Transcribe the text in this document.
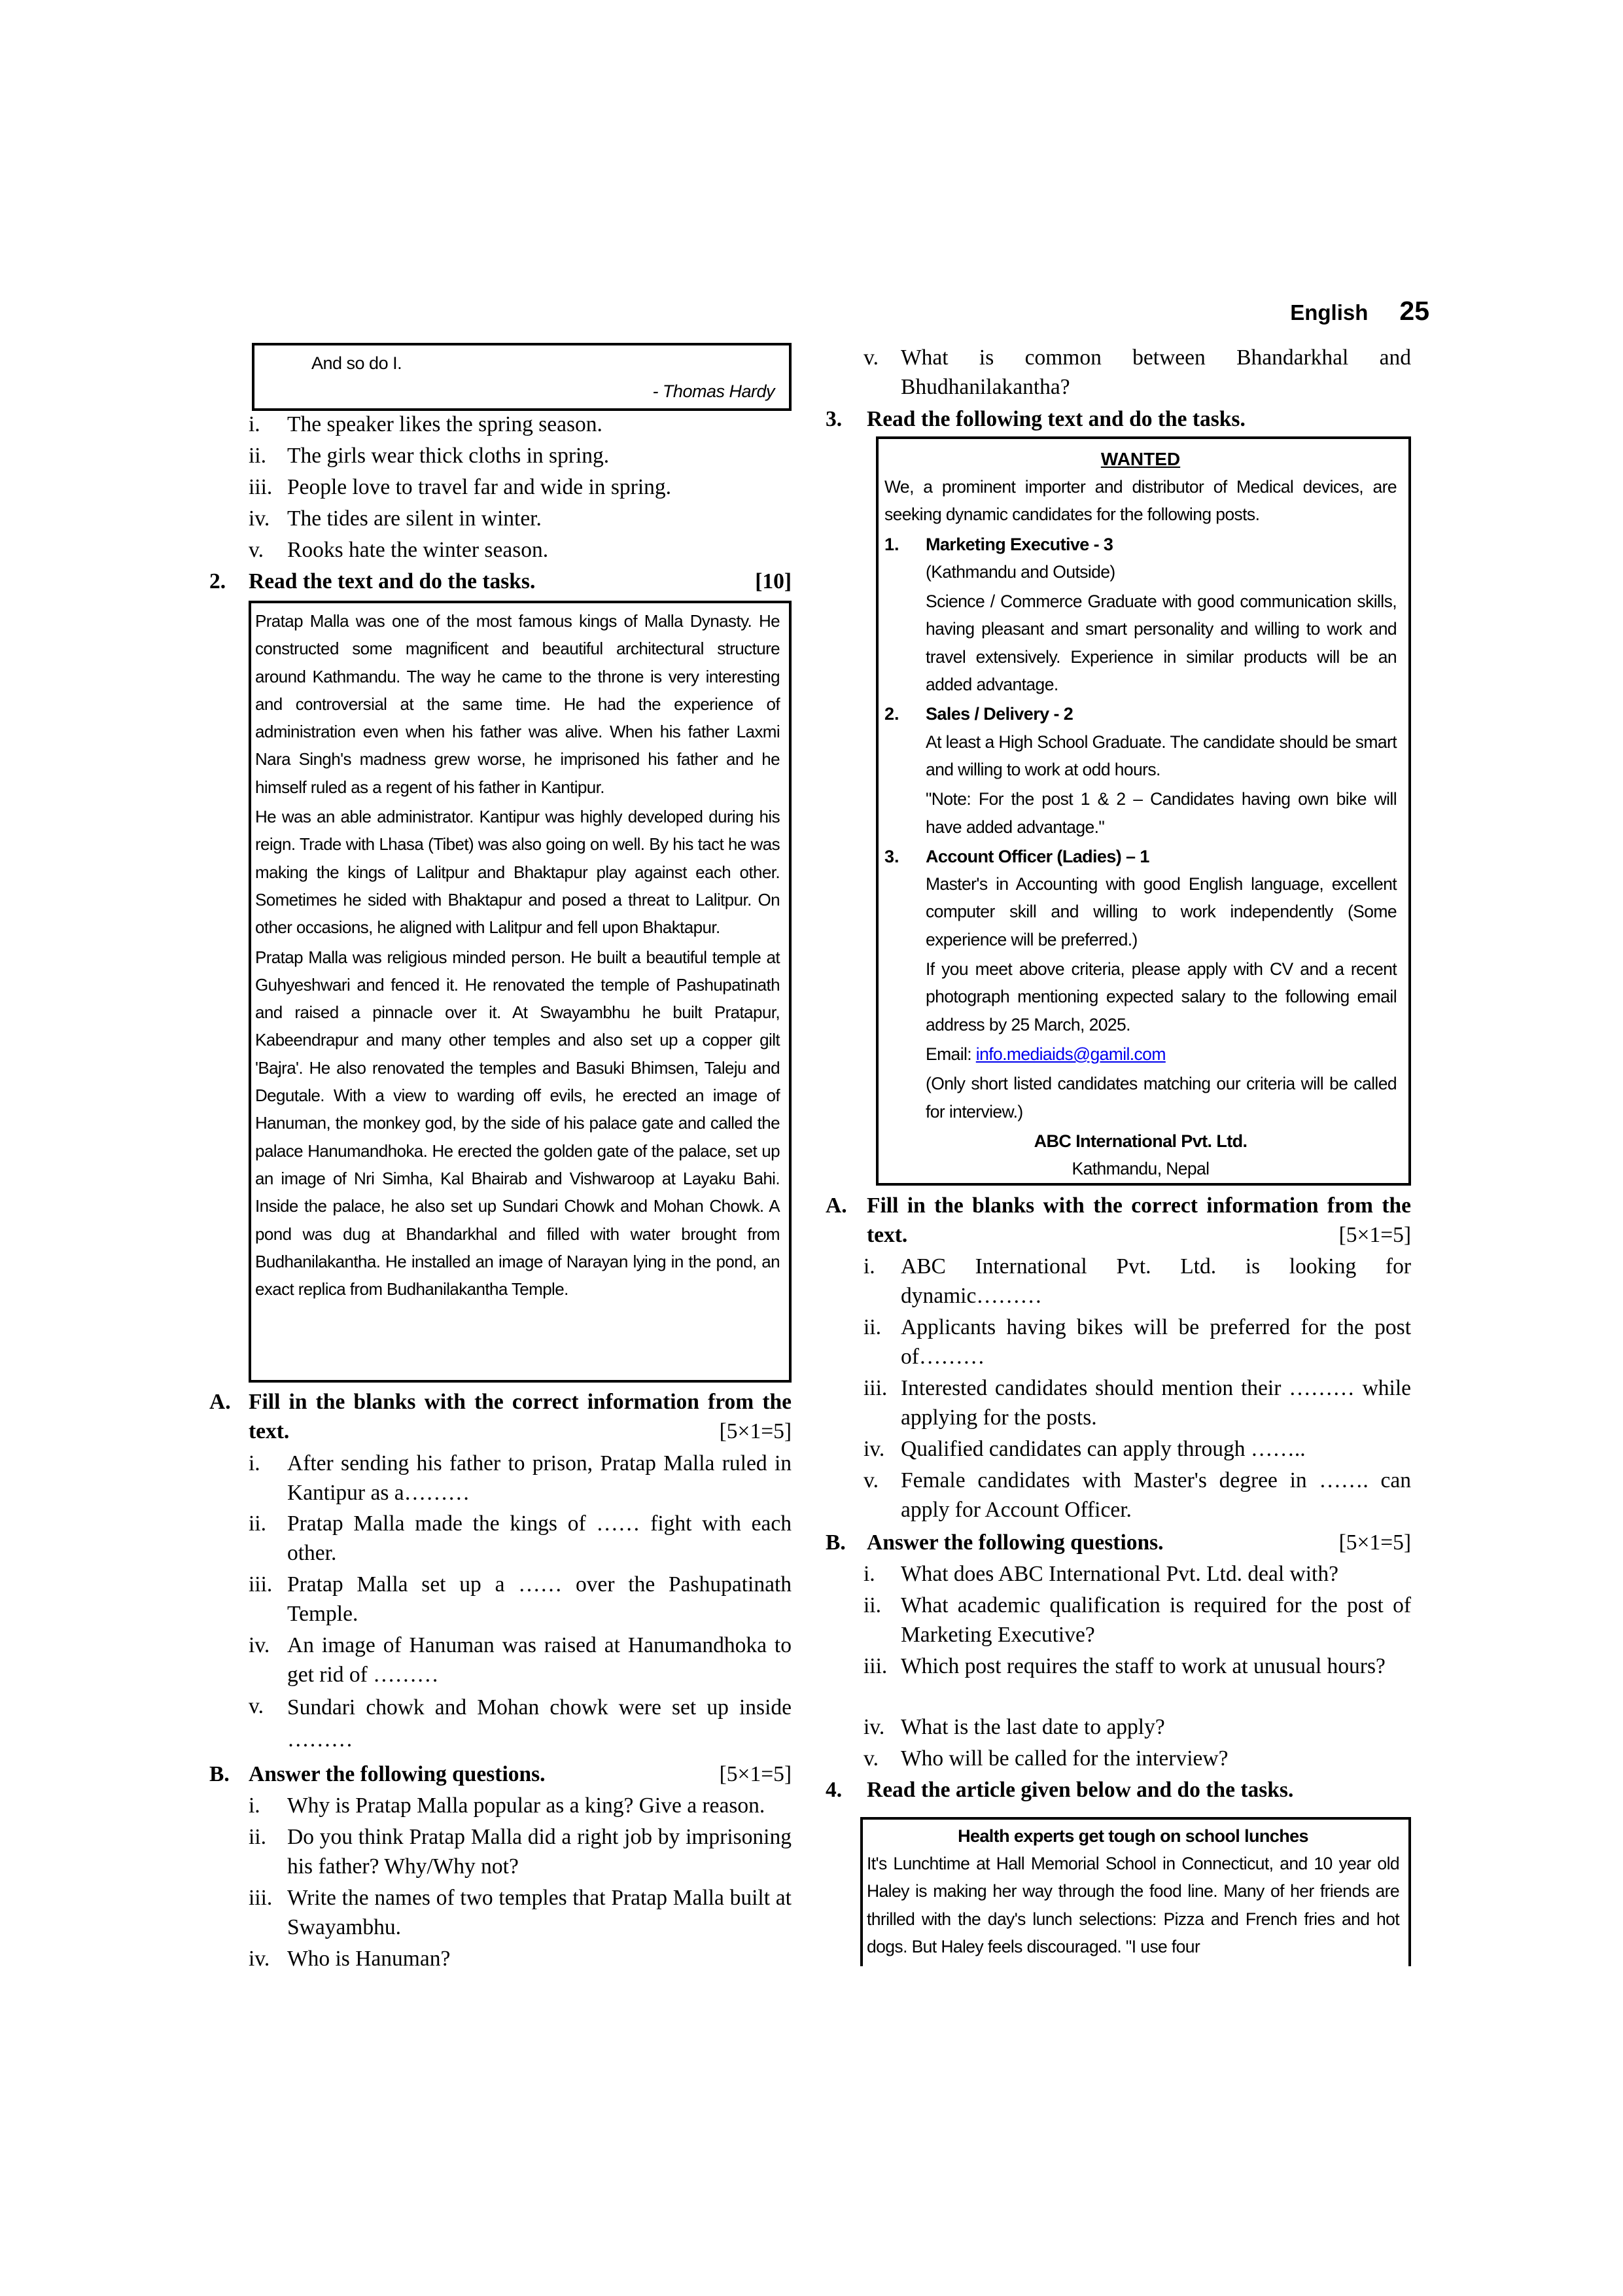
English 25
And so do I.
- Thomas Hardy
i.	The speaker likes the spring season.
ii. The girls wear thick cloths in spring.
iii. People love to travel far and wide in spring.
iv. The tides are silent in winter.
v.	Rooks hate the winter season.
2.	Read the text and do the tasks.	[10]

Pratap Malla was one of the most famous kings of Malla Dynasty. He constructed some magnificent and beautiful architectural structure around Kathmandu. The way he came to the throne is very interesting and controversial at the same time. He had the experience of administration even when his father was alive. When his father Laxmi Nara Singh's madness grew worse, he imprisoned his father and he himself ruled as a regent of his father in Kantipur.

He was an able administrator. Kantipur was highly developed during his reign. Trade with Lhasa (Tibet) was also going on well. By his tact he was making the kings of Lalitpur and Bhaktapur play against each other. Sometimes he sided with Bhaktapur and posed a threat to Lalitpur. On other occasions, he aligned with Lalitpur and fell upon Bhaktapur.

Pratap Malla was religious minded person. He built a beautiful temple at Guhyeshwari and fenced it. He renovated the temple of Pashupatinath and raised a pinnacle over it. At Swayambhu he built Pratapur, Kabeendrapur and many other temples and also set up a copper gilt 'Bajra'. He also renovated the temples and Basuki Bhimsen, Taleju and Degutale. With a view to warding off evils, he erected an image of Hanuman, the monkey god, by the side of his palace gate and called the palace Hanumandhoka. He erected the golden gate of the palace, set up an image of Nri Simha, Kal Bhairab and Vishwaroop at Layaku Bahi. Inside the palace, he also set up Sundari Chowk and Mohan Chowk. A pond was dug at Bhandarkhal and filled with water brought from Budhanilakantha. He installed an image of Narayan lying in the pond, an exact replica from Budhanilakantha Temple.

A. Fill in the blanks with the correct information from the text.	[5×1=5]
i.	After sending his father to prison, Pratap Malla ruled in Kantipur as a………
ii. Pratap Malla made the kings of …… fight with each other.
iii. Pratap Malla set up a …… over the Pashupatinath Temple.
iv. An image of Hanuman was raised at Hanumandhoka to get rid of ………
v.	Sundari chowk and Mohan chowk were set up inside ………
B. Answer the following questions.	[5×1=5]
i.	Why is Pratap Malla popular as a king? Give a reason.
ii. Do you think Pratap Malla did a right job by imprisoning his father? Why/Why not?
iii. Write the names of two temples that Pratap Malla built at Swayambhu.
iv. Who is Hanuman?
v.	What is common between Bhandarkhal and Bhudhanilakantha?
3.	Read the following text and do the tasks.
WANTED

We, a prominent importer and distributor of Medical devices, are seeking dynamic candidates for the following posts.

1. Marketing Executive - 3

(Kathmandu and Outside)

Science / Commerce Graduate with good communication skills, having pleasant and smart personality and willing to work and travel extensively. Experience in similar products will be an added advantage.

2. Sales / Delivery - 2

At least a High School Graduate. The candidate should be smart and willing to work at odd hours.

"Note: For the post 1 & 2 – Candidates having own bike will have added advantage."

3. Account Officer (Ladies) – 1

Master's in Accounting with good English language, excellent computer skill and willing to work independently (Some experience will be preferred.)

If you meet above criteria, please apply with CV and a recent photograph mentioning expected salary to the following email address by 25 March, 2025.

Email: info.mediaids@gamil.com

(Only short listed candidates matching our criteria will be called for interview.)

ABC International Pvt. Ltd.
Kathmandu, Nepal
A. Fill in the blanks with the correct information from the text.	[5×1=5]
i.	ABC International Pvt. Ltd. is looking for dynamic………
ii. Applicants having bikes will be preferred for the post of………
iii. Interested candidates should mention their ……… while applying for the posts.
iv. Qualified candidates can apply through ……..
v.	Female candidates with Master's degree in ……. can apply for Account Officer.
B. Answer the following questions.	[5×1=5]
i.	What does ABC International Pvt. Ltd. deal with?
ii. What academic qualification is required for the post of Marketing Executive?
iii. Which post requires the staff to work at unusual hours?
iv. What is the last date to apply?
v.	Who will be called for the interview?
4.	Read the article given below and do the tasks.
Health experts get tough on school lunches

It's Lunchtime at Hall Memorial School in Connecticut, and 10 year old Haley is making her way through the food line. Many of her friends are thrilled with the day's lunch selections: Pizza and French fries and hot dogs. But Haley feels discouraged. "I use four
